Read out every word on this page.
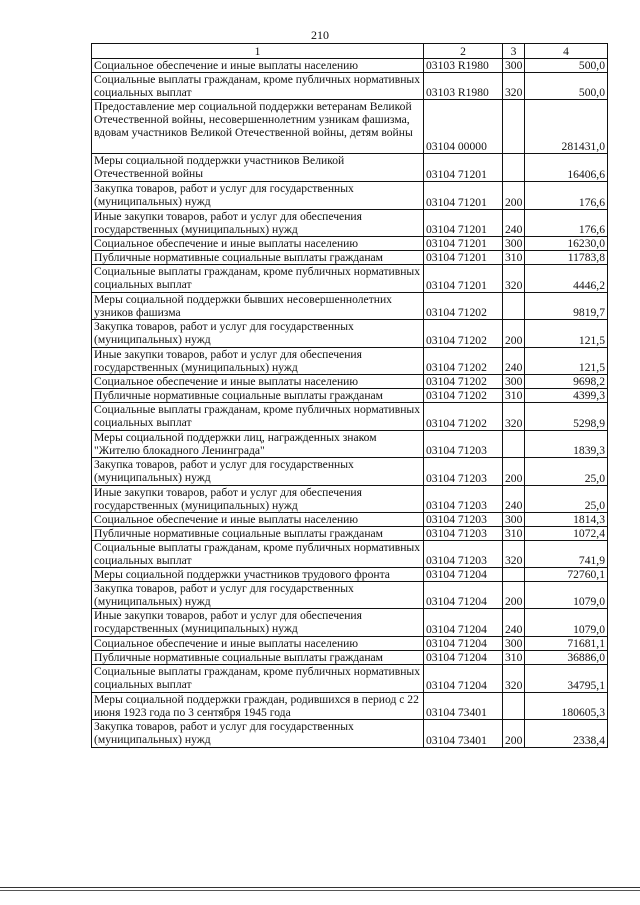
210
1	2	3	4
Социальное обеспечение и иные выплаты населению	03103 R1980	300	500,0
Социальные выплаты гражданам, кроме публичных нормативных социальных выплат	03103 R1980	320	500,0
Предоставление мер социальной поддержки ветеранам Великой Отечественной войны, несовершеннолетним узникам фашизма, вдовам участников Великой Отечественной войны, детям войны	03104 00000		281431,0
Меры социальной поддержки участников Великой Отечественной войны	03104 71201		16406,6
Закупка товаров, работ и услуг для государственных (муниципальных) нужд	03104 71201	200	176,6
Иные закупки товаров, работ и услуг для обеспечения государственных (муниципальных) нужд	03104 71201	240	176,6
Социальное обеспечение и иные выплаты населению	03104 71201	300	16230,0
Публичные нормативные социальные выплаты гражданам	03104 71201	310	11783,8
Социальные выплаты гражданам, кроме публичных нормативных социальных выплат	03104 71201	320	4446,2
Меры социальной поддержки бывших несовершеннолетних узников фашизма	03104 71202		9819,7
Закупка товаров, работ и услуг для государственных (муниципальных) нужд	03104 71202	200	121,5
Иные закупки товаров, работ и услуг для обеспечения государственных (муниципальных) нужд	03104 71202	240	121,5
Социальное обеспечение и иные выплаты населению	03104 71202	300	9698,2
Публичные нормативные социальные выплаты гражданам	03104 71202	310	4399,3
Социальные выплаты гражданам, кроме публичных нормативных социальных выплат	03104 71202	320	5298,9
Меры социальной поддержки лиц, награжденных знаком "Жителю блокадного Ленинграда"	03104 71203		1839,3
Закупка товаров, работ и услуг для государственных (муниципальных) нужд	03104 71203	200	25,0
Иные закупки товаров, работ и услуг для обеспечения государственных (муниципальных) нужд	03104 71203	240	25,0
Социальное обеспечение и иные выплаты населению	03104 71203	300	1814,3
Публичные нормативные социальные выплаты гражданам	03104 71203	310	1072,4
Социальные выплаты гражданам, кроме публичных нормативных социальных выплат	03104 71203	320	741,9
Меры социальной поддержки участников трудового фронта	03104 71204		72760,1
Закупка товаров, работ и услуг для государственных (муниципальных) нужд	03104 71204	200	1079,0
Иные закупки товаров, работ и услуг для обеспечения государственных (муниципальных) нужд	03104 71204	240	1079,0
Социальное обеспечение и иные выплаты населению	03104 71204	300	71681,1
Публичные нормативные социальные выплаты гражданам	03104 71204	310	36886,0
Социальные выплаты гражданам, кроме публичных нормативных социальных выплат	03104 71204	320	34795,1
Меры социальной поддержки граждан, родившихся в период с 22 июня 1923 года по 3 сентября 1945 года	03104 73401		180605,3
Закупка товаров, работ и услуг для государственных (муниципальных) нужд	03104 73401	200	2338,4
